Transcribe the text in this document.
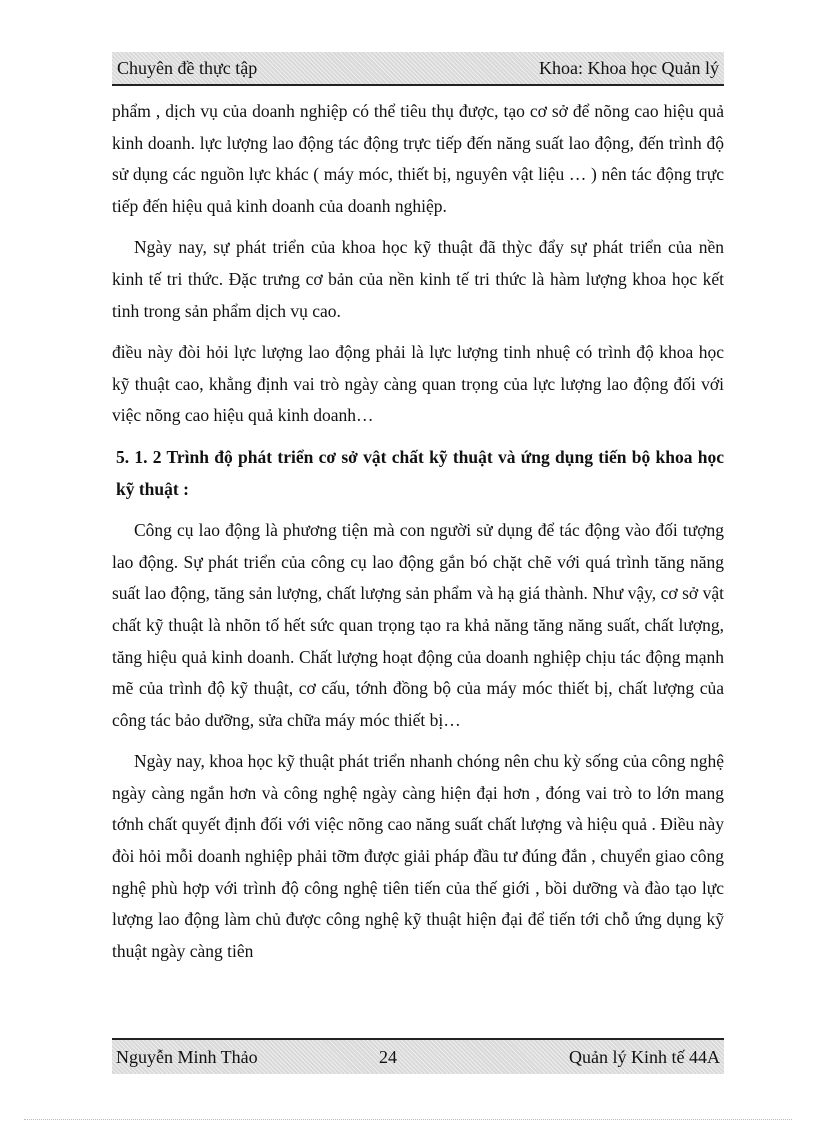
Chuyên đề thực tập	Khoa: Khoa học Quản lý

phẩm , dịch vụ của doanh nghiệp có thể tiêu thụ được, tạo cơ sở để nõng cao hiệu quả kinh doanh. lực lượng lao động tác động trực tiếp đến năng suất lao động, đến trình độ sử dụng các nguồn lực khác ( máy móc, thiết bị, nguyên vật liệu … ) nên tác động trực tiếp đến hiệu quả kinh doanh của doanh nghiệp.

Ngày nay, sự phát triển của khoa học kỹ thuật đã thỳc đẩy sự phát triển của nền kinh tế tri thức. Đặc trưng cơ bản của nền kinh tế tri thức là hàm lượng khoa học kết tinh trong sản phẩm dịch vụ cao.

điều này đòi hỏi lực lượng lao động phải là lực lượng tinh nhuệ có trình độ khoa học kỹ thuật cao, khẳng định vai trò ngày càng quan trọng của lực lượng lao động đối với việc nõng cao hiệu quả kinh doanh…

5. 1. 2 Trình độ phát triển cơ sở vật chất kỹ thuật và ứng dụng tiến bộ khoa học kỹ thuật :

Công cụ lao động là phương tiện mà con người sử dụng để tác động vào đối tượng lao động. Sự phát triển của công cụ lao động gắn bó chặt chẽ với quá trình tăng năng suất lao động, tăng sản lượng, chất lượng sản phẩm và hạ giá thành. Như vậy, cơ sở vật chất kỹ thuật là nhõn tố hết sức quan trọng tạo ra khả năng tăng năng suất, chất lượng, tăng hiệu quả kinh doanh. Chất lượng hoạt động của doanh nghiệp chịu tác động mạnh mẽ của trình độ kỹ thuật, cơ cấu, tớnh đồng bộ của máy móc thiết bị, chất lượng của công tác bảo dưỡng, sửa chữa máy móc thiết bị…

Ngày nay, khoa học kỹ thuật phát triển nhanh chóng nên chu kỳ sống của công nghệ ngày càng ngắn hơn và công nghệ ngày càng hiện đại hơn , đóng vai trò to lớn mang tớnh chất quyết định đối với việc nõng cao năng suất chất lượng và hiệu quả . Điều này đòi hỏi mỗi doanh nghiệp phải tỡm được giải pháp đầu tư đúng đắn , chuyển giao công nghệ phù hợp với trình độ công nghệ tiên tiến của thế giới , bồi dưỡng và đào tạo lực lượng lao động làm chủ được công nghệ kỹ thuật hiện đại để tiến tới chỗ ứng dụng kỹ thuật ngày càng tiên

Nguyễn Minh Thảo	24	Quản lý Kinh tế 44A
